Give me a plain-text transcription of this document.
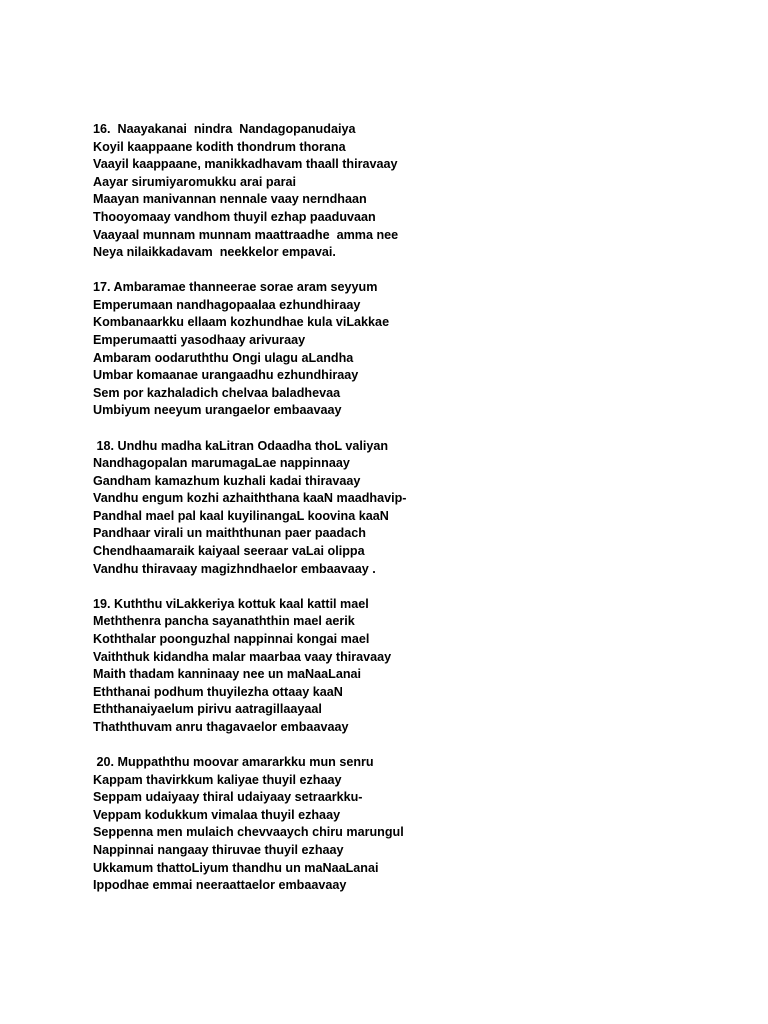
16.  Naayakanai  nindra  Nandagopanudaiya
Koyil kaappaane kodith thondrum thorana
Vaayil kaappaane, manikkadhavam thaall thiravaay
Aayar sirumiyaromukku arai parai
Maayan manivannan nennale vaay nerndhaan
Thooyomaay vandhom thuyil ezhap paaduvaan
Vaayaal munnam munnam maattraadhe  amma nee
Neya nilaikkadavam  neekkelor empavai.
17. Ambaramae thanneerae sorae aram seyyum
Emperumaan nandhagopaalaa ezhundhiraay
Kombanaarkku ellaam kozhundhae kula viLakkae
Emperumaatti yasodhaay arivuraay
Ambaram oodaruththu Ongi ulagu aLandha
Umbar komaanae urangaadhu ezhundhiraay
Sem por kazhaladich chelvaa baladhevaa
Umbiyum neeyum urangaelor embaavaay
18. Undhu madha kaLitran Odaadha thoL valiyan
Nandhagopalan marumagaLae nappinnaay
Gandham kamazhum kuzhali kadai thiravaay
Vandhu engum kozhi azhaiththana kaaN maadhavip-
Pandhal mael pal kaal kuyilinangaL koovina kaaN
Pandhaar virali un maiththunan paer paadach
Chendhaamaraik kaiyaal seeraar vaLai olippa
Vandhu thiravaay magizhndhaelor embaavaay .
19. Kuththu viLakkeriya kottuk kaal kattil mael
Meththenra pancha sayanaththin mael aerik
Koththalar poonguzhal nappinnai kongai mael
Vaiththuk kidandha malar maarbaa vaay thiravaay
Maith thadam kanninaay nee un maNaaLanai
Eththanai podhum thuyilezha ottaay kaaN
Eththanaiyaelum pirivu aatragillaayaal
Thaththuvam anru thagavaelor embaavaay
20. Muppaththu moovar amararkku mun senru
Kappam thavirkkum kaliyae thuyil ezhaay
Seppam udaiyaay thiral udaiyaay setraarkku-
Veppam kodukkum vimalaa thuyil ezhaay
Seppenna men mulaich chevvaaych chiru marungul
Nappinnai nangaay thiruvae thuyil ezhaay
Ukkamum thattoLiyum thandhu un maNaaLanai
Ippodhae emmai neeraattaelor embaavaay
